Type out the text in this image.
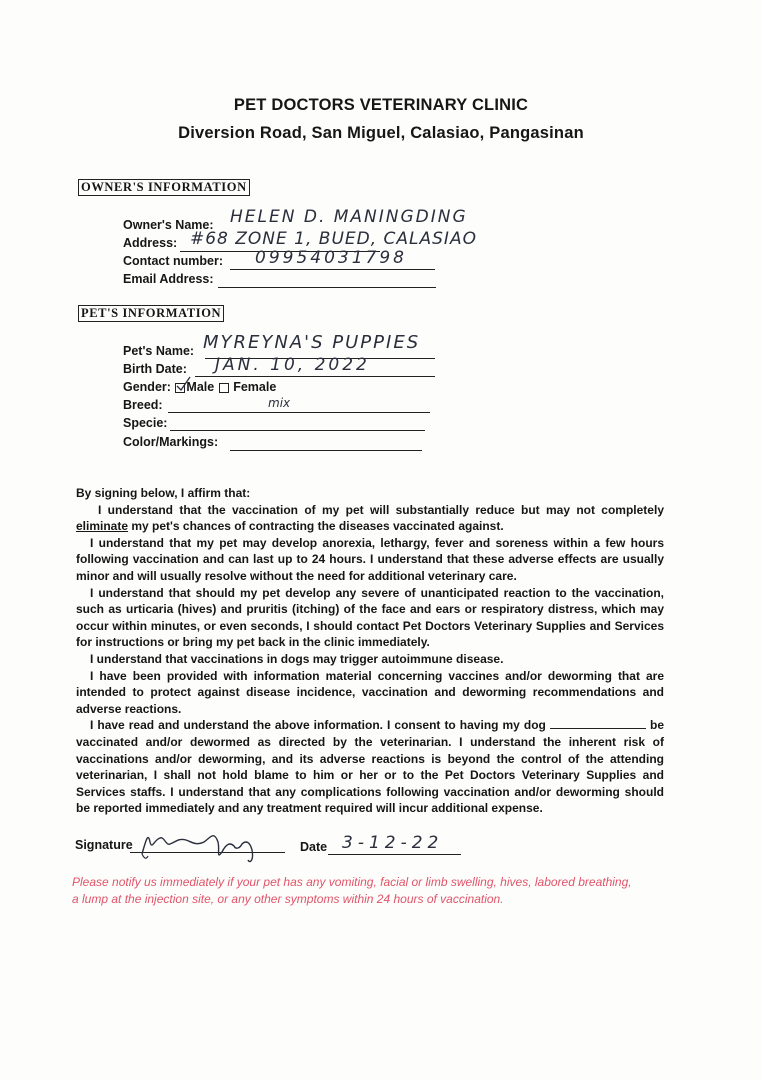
PET DOCTORS VETERINARY CLINIC
Diversion Road, San Miguel, Calasiao, Pangasinan
OWNER'S INFORMATION
Owner's Name: HELEN D. MANINGDING
Address: #68 ZONE 1, BUED, CALASIAO
Contact number: 09954031798
Email Address:
PET'S INFORMATION
Pet's Name: MYREYNA'S PUPPIES
Birth Date: JAN. 10, 2022
Gender: Male Female
Breed:	mix
Specie:
Color/Markings:

By signing below, I affirm that:

I understand that the vaccination of my pet will substantially reduce but may not completely eliminate my pet's chances of contracting the diseases vaccinated against.

I understand that my pet may develop anorexia, lethargy, fever and soreness within a few hours following vaccination and can last up to 24 hours. I understand that these adverse effects are usually minor and will usually resolve without the need for additional veterinary care.

I understand that should my pet develop any severe of unanticipated reaction to the vaccination, such as urticaria (hives) and pruritis (itching) of the face and ears or respiratory distress, which may occur within minutes, or even seconds, I should contact Pet Doctors Veterinary Supplies and Services for instructions or bring my pet back in the clinic immediately.

I understand that vaccinations in dogs may trigger autoimmune disease.

I have been provided with information material concerning vaccines and/or deworming that are intended to protect against disease incidence, vaccination and deworming recommendations and adverse reactions.

I have read and understand the above information. I consent to having my dog	be vaccinated and/or dewormed as directed by the veterinarian. I understand the inherent risk of vaccinations and/or deworming, and its adverse reactions is beyond the control of the attending veterinarian, I shall not hold blame to him or her or to the Pet Doctors Veterinary Supplies and Services staffs. I understand that any complications following vaccination and/or deworming should be reported immediately and any treatment required will incur additional expense.

Signature	Date 3-12-22
Please notify us immediately if your pet has any vomiting, facial or limb swelling, hives, labored breathing, a lump at the injection site, or any other symptoms within 24 hours of vaccination.
